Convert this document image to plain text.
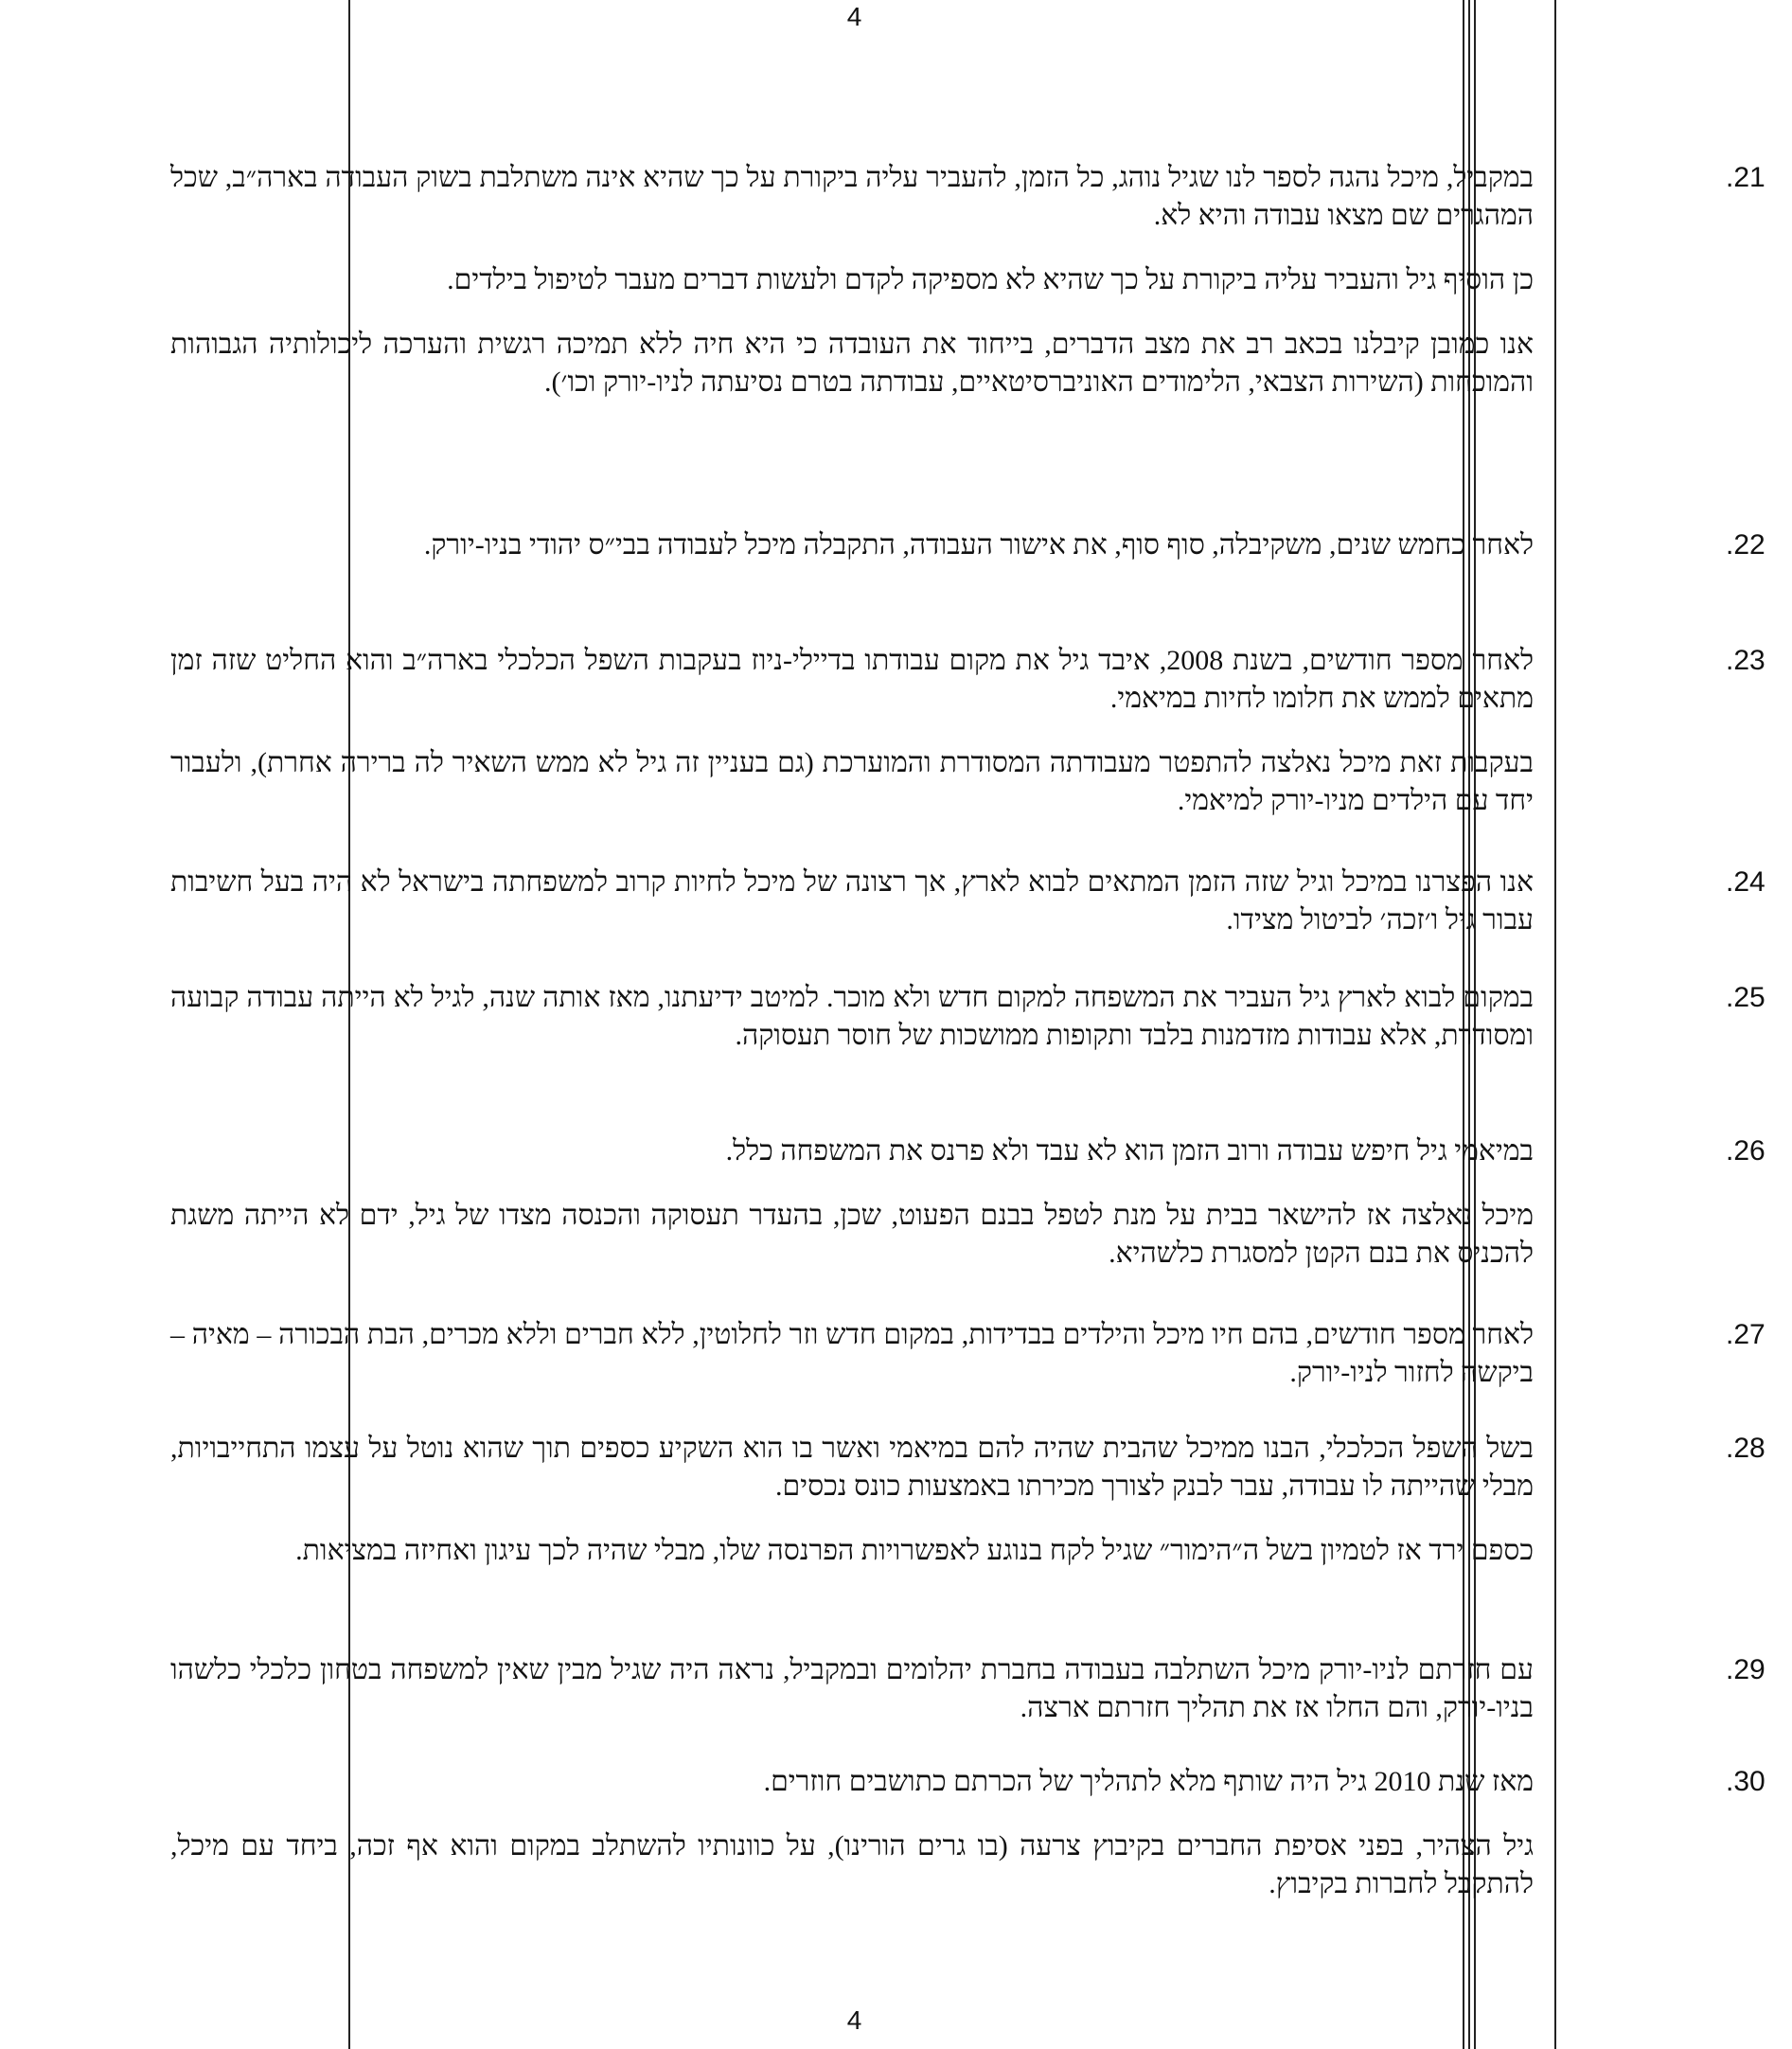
4
.21

במקביל, מיכל נהגה לספר לנו שגיל נוהג, כל הזמן, להעביר עליה ביקורת על כך שהיא אינה משתלבת בשוק העבודה בארה״ב, שכל המהגרים שם מצאו עבודה והיא לא.

כן הוסיף גיל והעביר עליה ביקורת על כך שהיא לא מספיקה לקדם ולעשות דברים מעבר לטיפול בילדים.

אנו כמובן קיבלנו בכאב רב את מצב הדברים, בייחוד את העובדה כי היא חיה ללא תמיכה רגשית והערכה ליכולותיה הגבוהות והמוכחות (השירות הצבאי, הלימודים האוניברסיטאיים, עבודתה בטרם נסיעתה לניו-יורק וכו׳).

.22

לאחר כחמש שנים, משקיבלה, סוף סוף, את אישור העבודה, התקבלה מיכל לעבודה בבי״ס יהודי בניו-יורק.

.23

לאחר מספר חודשים, בשנת 2008, איבד גיל את מקום עבודתו בדיילי-ניוז בעקבות השפל הכלכלי בארה״ב והוא החליט שזה זמן מתאים לממש את חלומו לחיות במיאמי.

בעקבות זאת מיכל נאלצה להתפטר מעבודתה המסודרת והמוערכת (גם בעניין זה גיל לא ממש השאיר לה ברירה אחרת), ולעבור יחד עם הילדים מניו-יורק למיאמי.

.24

אנו הפצרנו במיכל וגיל שזה הזמן המתאים לבוא לארץ, אך רצונה של מיכל לחיות קרוב למשפחתה בישראל לא היה בעל חשיבות עבור גיל ו׳זכה׳ לביטול מצידו.

.25

במקום לבוא לארץ גיל העביר את המשפחה למקום חדש ולא מוכר. למיטב ידיעתנו, מאז אותה שנה, לגיל לא הייתה עבודה קבועה ומסודרת, אלא עבודות מזדמנות בלבד ותקופות ממושכות של חוסר תעסוקה.

.26

במיאמי גיל חיפש עבודה ורוב הזמן הוא לא עבד ולא פרנס את המשפחה כלל.

מיכל נאלצה אז להישאר בבית על מנת לטפל בבנם הפעוט, שכן, בהעדר תעסוקה והכנסה מצדו של גיל, ידם לא הייתה משגת להכניס את בנם הקטן למסגרת כלשהיא.

.27

לאחר מספר חודשים, בהם חיו מיכל והילדים בבדידות, במקום חדש וזר לחלוטין, ללא חברים וללא מכרים, הבת הבכורה – מאיה – ביקשה לחזור לניו-יורק.

.28

בשל השפל הכלכלי, הבנו ממיכל שהבית שהיה להם במיאמי ואשר בו הוא השקיע כספים תוך שהוא נוטל על עצמו התחייבויות, מבלי שהייתה לו עבודה, עבר לבנק לצורך מכירתו באמצעות כונס נכסים.

כספם ירד אז לטמיון בשל ה״הימור״ שגיל לקח בנוגע לאפשרויות הפרנסה שלו, מבלי שהיה לכך עיגון ואחיזה במציאות.

.29

עם חזרתם לניו-יורק מיכל השתלבה בעבודה בחברת יהלומים ובמקביל, נראה היה שגיל מבין שאין למשפחה בטחון כלכלי כלשהו בניו-יורק, והם החלו אז את תהליך חזרתם ארצה.

.30

מאז שנת 2010 גיל היה שותף מלא לתהליך של הכרתם כתושבים חוזרים.

גיל הצהיר, בפני אסיפת החברים בקיבוץ צרעה (בו גרים הורינו), על כוונותיו להשתלב במקום והוא אף זכה, ביחד עם מיכל, להתקבל לחברות בקיבוץ.

4
